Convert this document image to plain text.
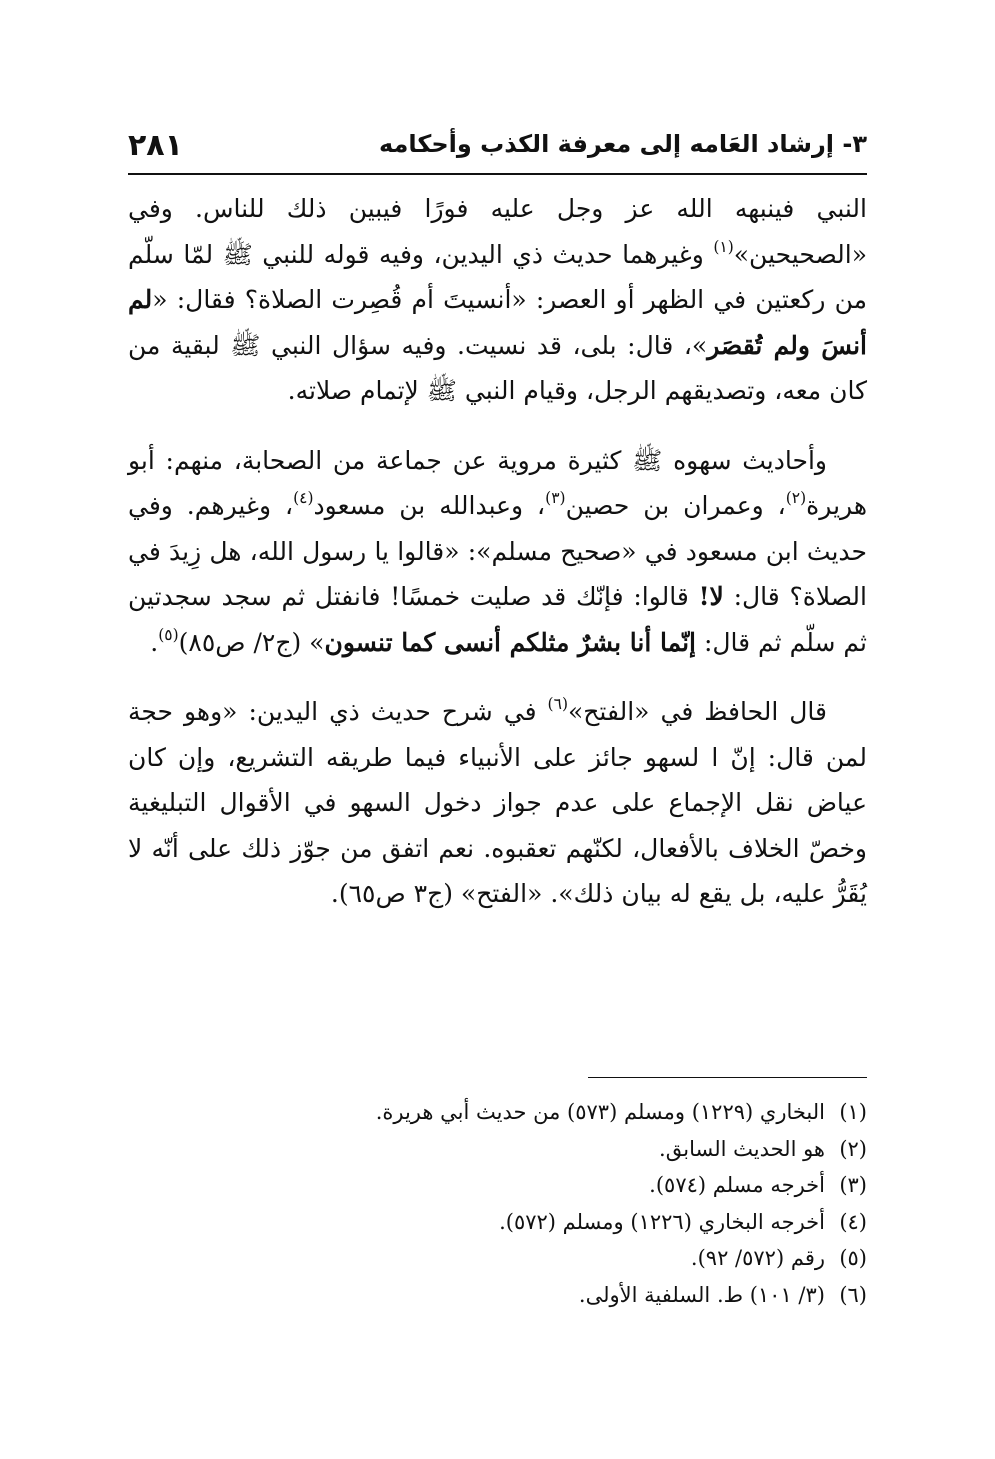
٣- إرشاد العَامه إلى معرفة الكذب وأحكامه
٢٨١

النبي فينبهه الله عز وجل عليه فورًا فيبين ذلك للناس. وفي «الصحيحين»$^{(١)}$ وغيرهما حديث ذي اليدين، وفيه قوله للنبي ﷺ لمّا سلّم من ركعتين في الظهر أو العصر: «أنسيتَ أم قُصِرت الصلاة؟ فقال: «لم أنسَ ولم تُقصَر»، قال: بلى، قد نسيت. وفيه سؤال النبي ﷺ لبقية من كان معه، وتصديقهم الرجل، وقيام النبي ﷺ لإتمام صلاته.

وأحاديث سهوه ﷺ كثيرة مروية عن جماعة من الصحابة، منهم: أبو هريرة$^{(٢)}$، وعمران بن حصين$^{(٣)}$، وعبدالله بن مسعود$^{(٤)}$، وغيرهم. وفي حديث ابن مسعود في «صحيح مسلم»: «قالوا يا رسول الله، هل زِيدَ في الصلاة؟ قال: لا! قالوا: فإنّك قد صليت خمسًا! فانفتل ثم سجد سجدتين ثم سلّم ثم قال: إنّما أنا بشرٌ مثلكم أنسى كما تنسون» (ج٢/ ص٨٥)$^{(٥)}$.

قال الحافظ في «الفتح»$^{(٦)}$ في شرح حديث ذي اليدين: «وهو حجة لمن قال: إنّ ا لسهو جائز على الأنبياء فيما طريقه التشريع، وإن كان عياض نقل الإجماع على عدم جواز دخول السهو في الأقوال التبليغية وخصّ الخلاف بالأفعال، لكنّهم تعقبوه. نعم اتفق من جوّز ذلك على أنّه لا يُقَرُّ عليه، بل يقع له بيان ذلك». «الفتح» (ج٣ ص٦٥).

(١)البخاري (١٢٢٩) ومسلم (٥٧٣) من حديث أبي هريرة.
(٢)هو الحديث السابق.
(٣)أخرجه مسلم (٥٧٤).
(٤)أخرجه البخاري (١٢٢٦) ومسلم (٥٧٢).
(٥)رقم (٥٧٢/ ٩٢).
(٦)(٣/ ١٠١) ط. السلفية الأولى.
